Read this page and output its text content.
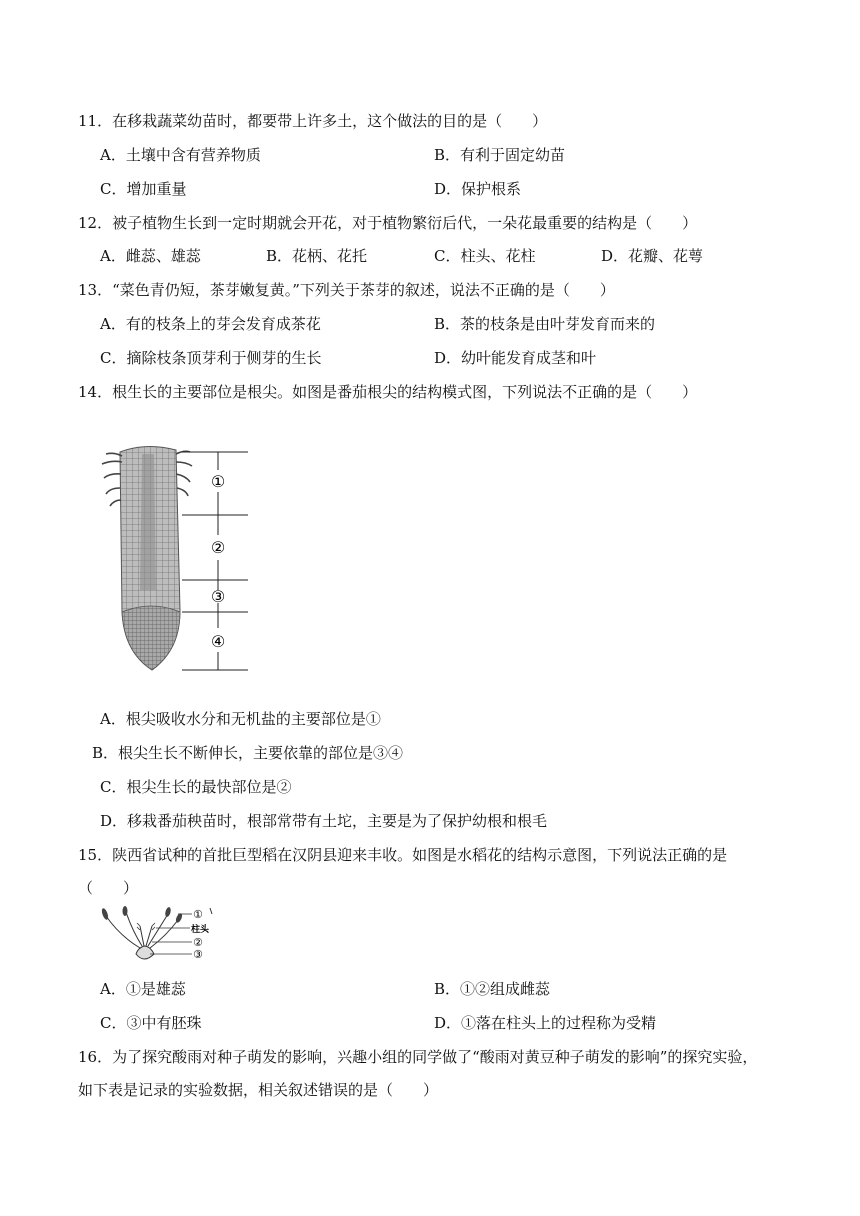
11．在移栽蔬菜幼苗时，都要带上许多土，这个做法的目的是（　　）
A．土壤中含有营养物质	B．有利于固定幼苗
C．增加重量	D．保护根系
12．被子植物生长到一定时期就会开花，对于植物繁衍后代，一朵花最重要的结构是（　　）
A．雌蕊、雄蕊	B．花柄、花托	C．柱头、花柱	D．花瓣、花萼
13．“菜色青仍短，茶芽嫩复黄。”下列关于茶芽的叙述，说法不正确的是（　　）
A．有的枝条上的芽会发育成茶花	B．茶的枝条是由叶芽发育而来的
C．摘除枝条顶芽利于侧芽的生长	D．幼叶能发育成茎和叶
14．根生长的主要部位是根尖。如图是番茄根尖的结构模式图，下列说法不正确的是（　　）
①
②
③
④
A．根尖吸收水分和无机盐的主要部位是①
B．根尖生长不断伸长，主要依靠的部位是③④
C．根尖生长的最快部位是②
D．移栽番茄秧苗时，根部常带有土坨，主要是为了保护幼根和根毛
15．陕西省试种的首批巨型稻在汉阴县迎来丰收。如图是水稻花的结构示意图，下列说法正确的是
（　　）
①
柱头
②
③
A．①是雄蕊	B．①②组成雌蕊
C．③中有胚珠	D．①落在柱头上的过程称为受精
16．为了探究酸雨对种子萌发的影响，兴趣小组的同学做了“酸雨对黄豆种子萌发的影响”的探究实验，
如下表是记录的实验数据，相关叙述错误的是（　　）
